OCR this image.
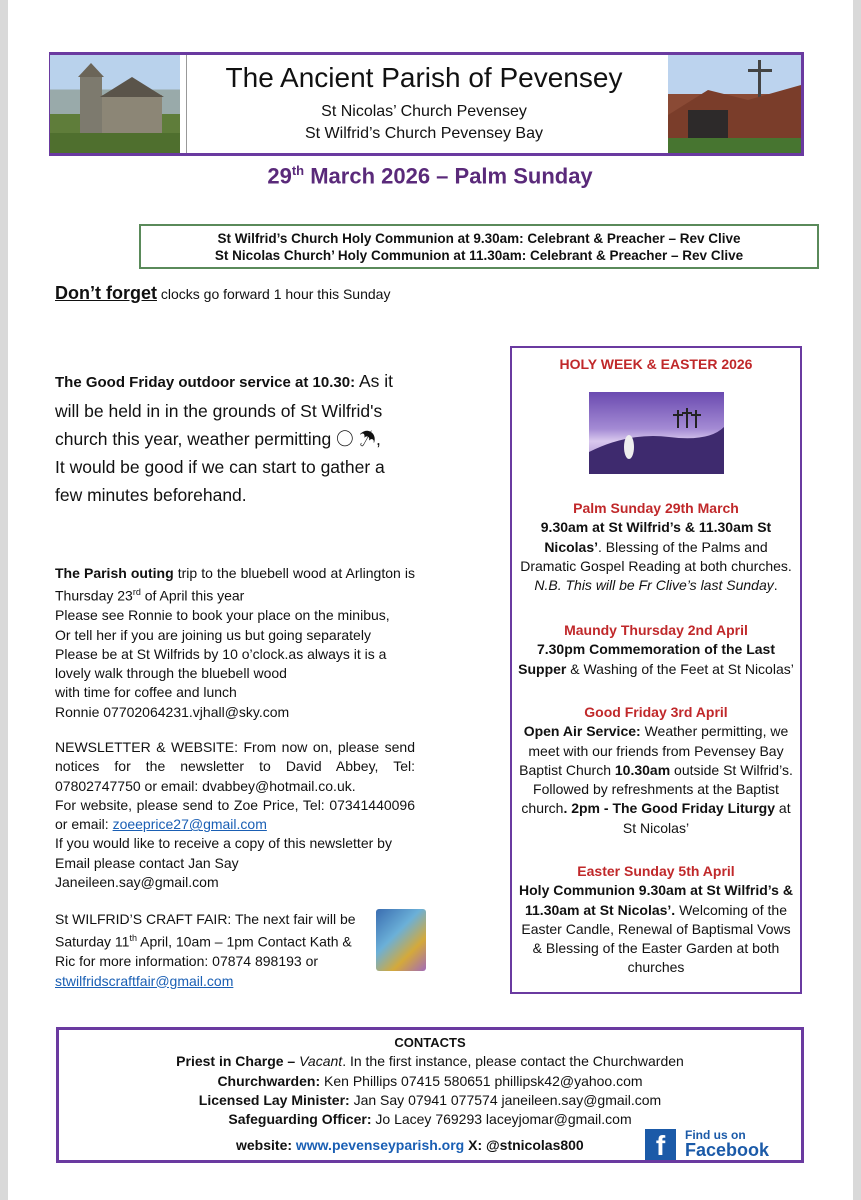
The Ancient Parish of Pevensey
St Nicolas’ Church Pevensey
St Wilfrid’s Church Pevensey Bay
29th March 2026 – Palm Sunday
St Wilfrid’s Church Holy Communion at 9.30am: Celebrant & Preacher – Rev Clive
St Nicolas Church’ Holy Communion at 11.30am: Celebrant & Preacher – Rev Clive
Don’t forget clocks go forward 1 hour this Sunday
The Good Friday outdoor service at 10.30: As it will be held in in the grounds of St Wilfrid's church this year, weather permitting 〇 ☂, It would be good if we can start to gather a few minutes beforehand.
The Parish outing trip to the bluebell wood at Arlington is Thursday 23rd of April this year
Please see Ronnie to book your place on the minibus,
Or tell her if you are joining us but going separately
Please be at St Wilfrids by 10 o’clock.as always it is a lovely walk through the bluebell wood
with time for coffee and lunch
Ronnie 07702064231.vjhall@sky.com
NEWSLETTER & WEBSITE: From now on, please send notices for the newsletter to David Abbey, Tel: 07802747750 or email: dvabbey@hotmail.co.uk.
For website, please send to Zoe Price, Tel: 07341440096 or email: zoeeprice27@gmail.com
If you would like to receive a copy of this newsletter by Email please contact Jan Say
Janeileen.say@gmail.com
St WILFRID’S CRAFT FAIR: The next fair will be Saturday 11th April, 10am – 1pm Contact Kath & Ric for more information: 07874 898193 or stwilfridscraftfair@gmail.com
HOLY WEEK & EASTER 2026
Palm Sunday 29th March
9.30am at St Wilfrid’s & 11.30am St Nicolas’. Blessing of the Palms and Dramatic Gospel Reading at both churches. N.B. This will be Fr Clive’s last Sunday.
Maundy Thursday 2nd April
7.30pm Commemoration of the Last Supper & Washing of the Feet at St Nicolas’
Good Friday 3rd April
Open Air Service: Weather permitting, we meet with our friends from Pevensey Bay Baptist Church 10.30am outside St Wilfrid’s. Followed by refreshments at the Baptist church. 2pm - The Good Friday Liturgy at St Nicolas’
Easter Sunday 5th April
Holy Communion 9.30am at St Wilfrid’s & 11.30am at St Nicolas’. Welcoming of the Easter Candle, Renewal of Baptismal Vows & Blessing of the Easter Garden at both churches
CONTACTS
Priest in Charge – Vacant. In the first instance, please contact the Churchwarden
Churchwarden: Ken Phillips 07415 580651 phillipsk42@yahoo.com
Licensed Lay Minister: Jan Say 07941 077574 janeileen.say@gmail.com
Safeguarding Officer: Jo Lacey 769293 laceyjomar@gmail.com
website: www.pevenseyparish.org X: @stnicolas800	f	Find us on
Facebook
